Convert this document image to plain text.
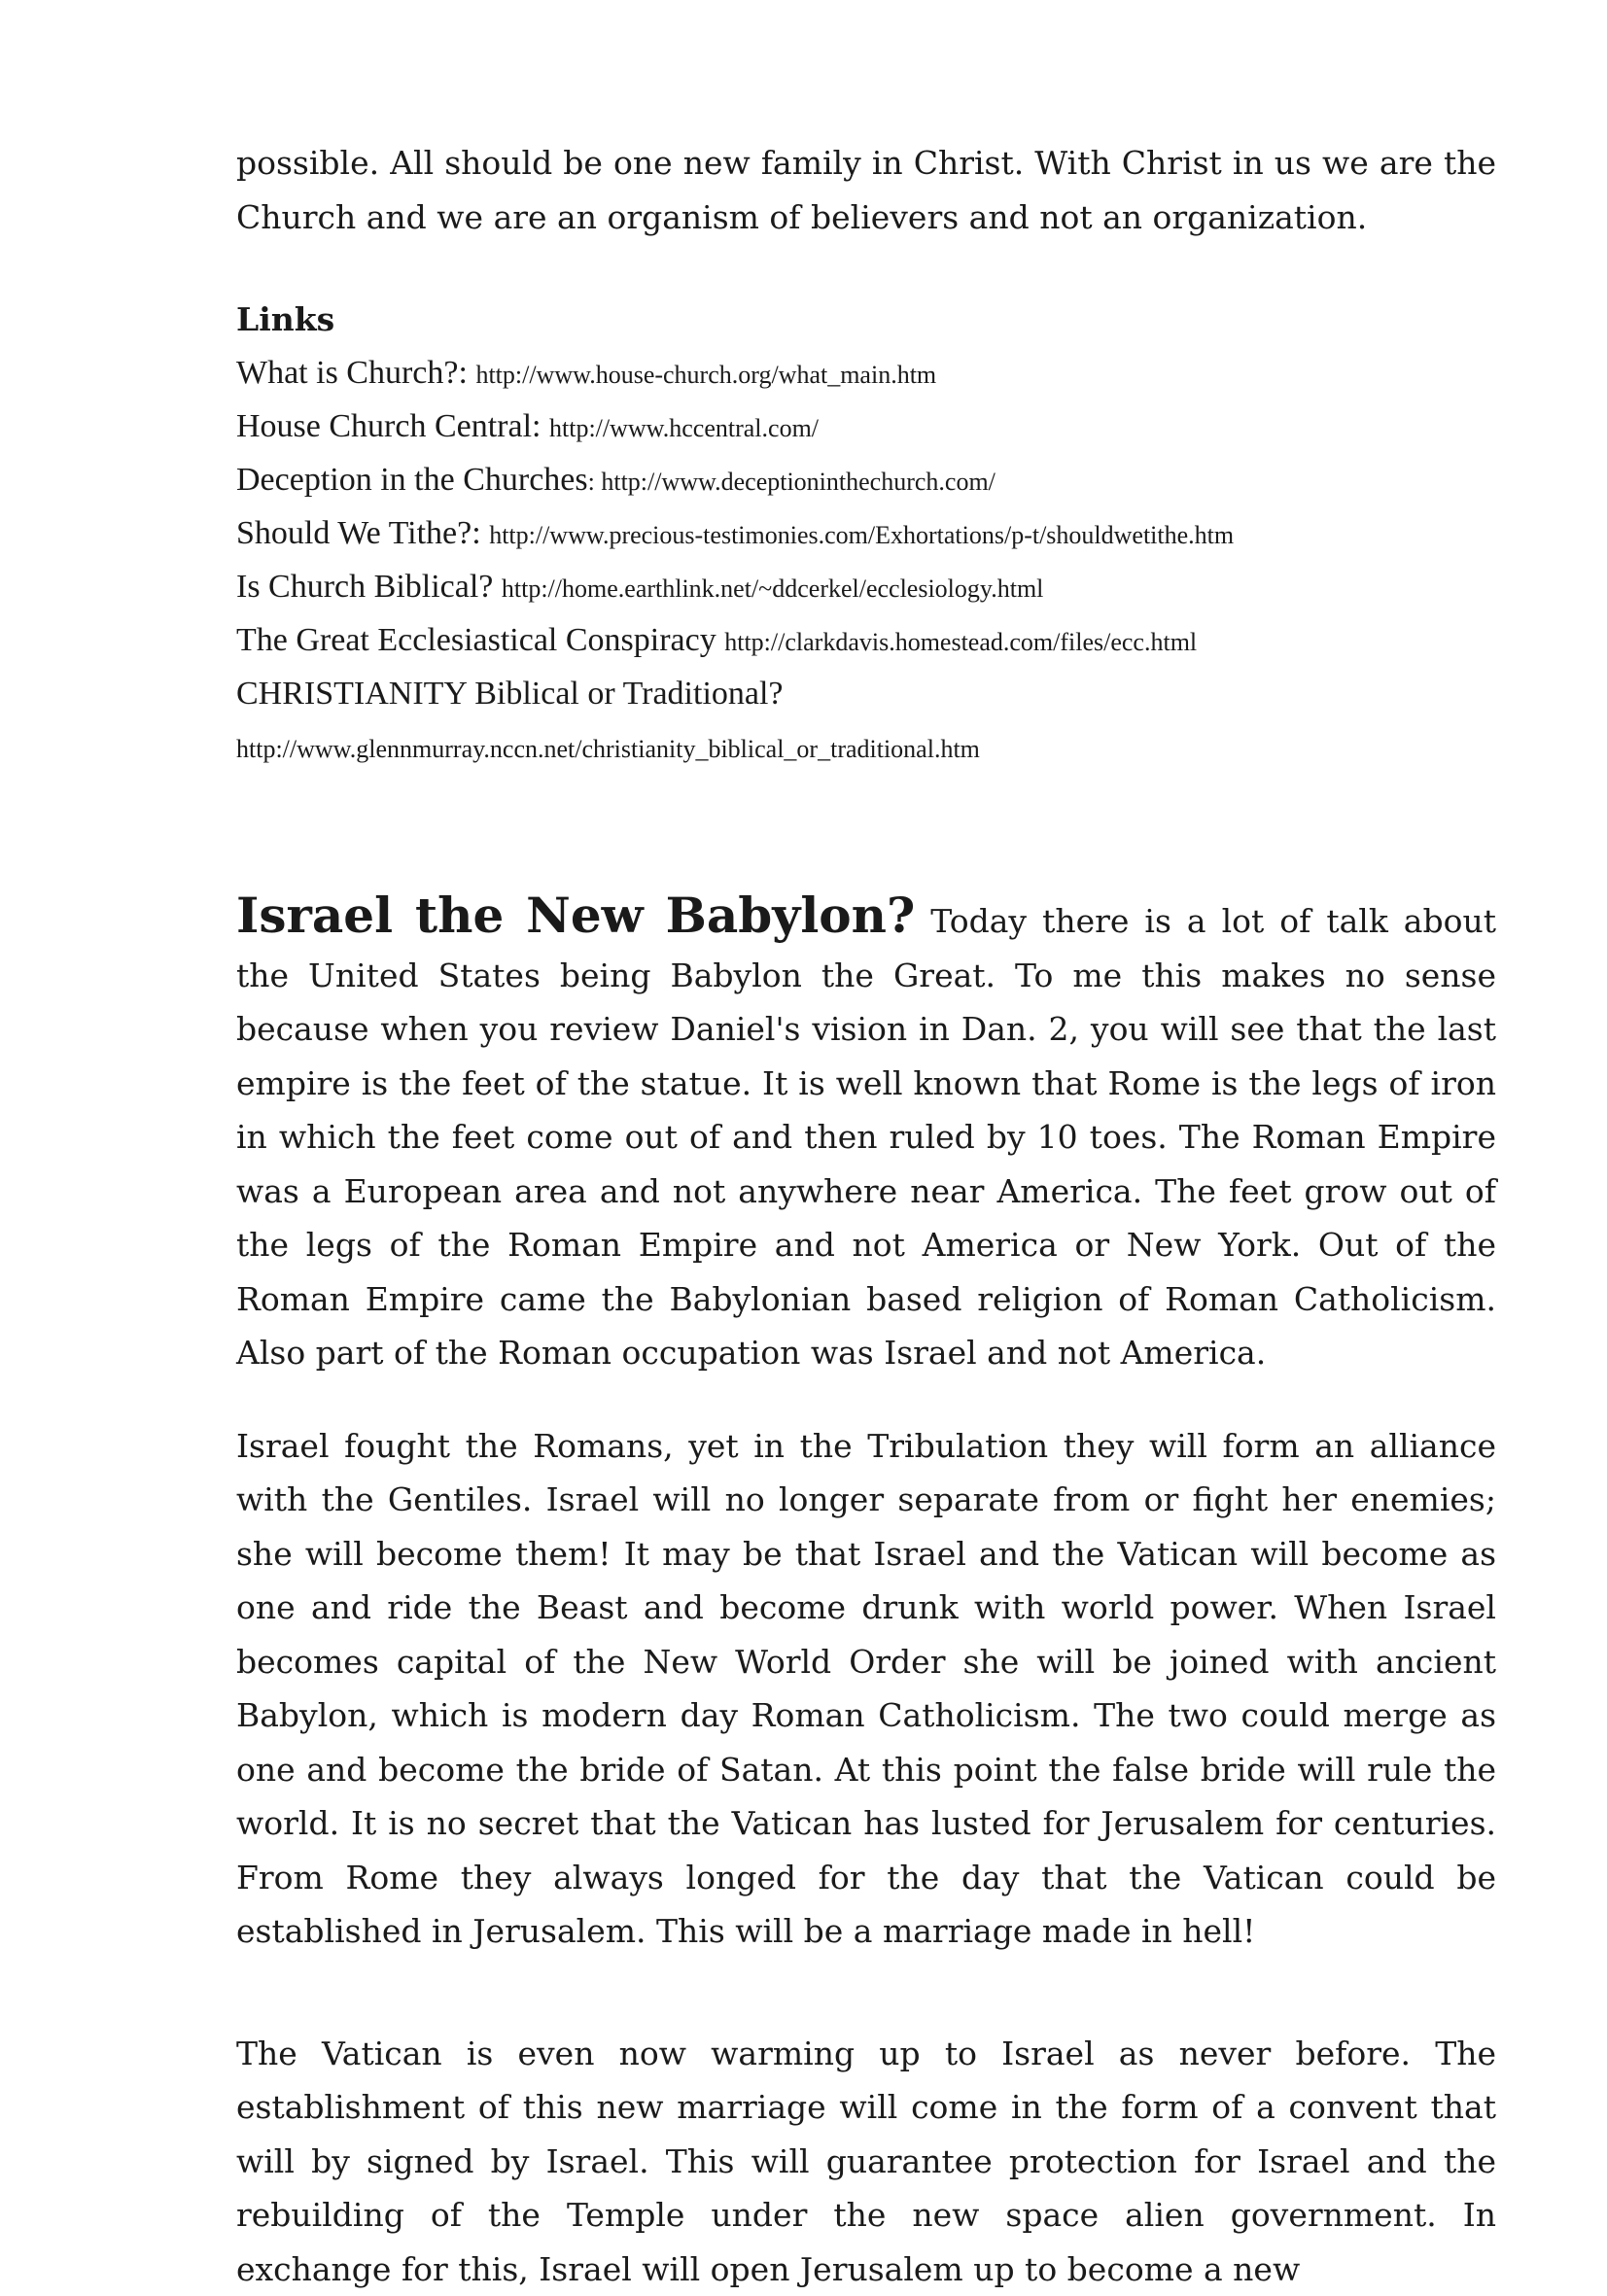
possible. All should be one new family in Christ. With Christ in us we are the Church and we are an organism of believers and not an organization.

Links

What is Church?: http://www.house-church.org/what_main.htm
House Church Central: http://www.hccentral.com/
Deception in the Churches: http://www.deceptioninthechurch.com/
Should We Tithe?: http://www.precious-testimonies.com/Exhortations/p-t/shouldwetithe.htm
Is Church Biblical? http://home.earthlink.net/~ddcerkel/ecclesiology.html
The Great Ecclesiastical Conspiracy http://clarkdavis.homestead.com/files/ecc.html
CHRISTIANITY Biblical or Traditional?
http://www.glennmurray.nccn.net/christianity_biblical_or_traditional.htm

Israel the New Babylon? Today there is a lot of talk about the United States being Babylon the Great. To me this makes no sense because when you review Daniel's vision in Dan. 2, you will see that the last empire is the feet of the statue. It is well known that Rome is the legs of iron in which the feet come out of and then ruled by 10 toes. The Roman Empire was a European area and not anywhere near America. The feet grow out of the legs of the Roman Empire and not America or New York. Out of the Roman Empire came the Babylonian based religion of Roman Catholicism. Also part of the Roman occupation was Israel and not America.

Israel fought the Romans, yet in the Tribulation they will form an alliance with the Gentiles. Israel will no longer separate from or fight her enemies; she will become them! It may be that Israel and the Vatican will become as one and ride the Beast and become drunk with world power. When Israel becomes capital of the New World Order she will be joined with ancient Babylon, which is modern day Roman Catholicism. The two could merge as one and become the bride of Satan. At this point the false bride will rule the world. It is no secret that the Vatican has lusted for Jerusalem for centuries. From Rome they always longed for the day that the Vatican could be established in Jerusalem. This will be a marriage made in hell!

The Vatican is even now warming up to Israel as never before. The establishment of this new marriage will come in the form of a convent that will by signed by Israel. This will guarantee protection for Israel and the rebuilding of the Temple under the new space alien government. In exchange for this, Israel will open Jerusalem up to become a new
